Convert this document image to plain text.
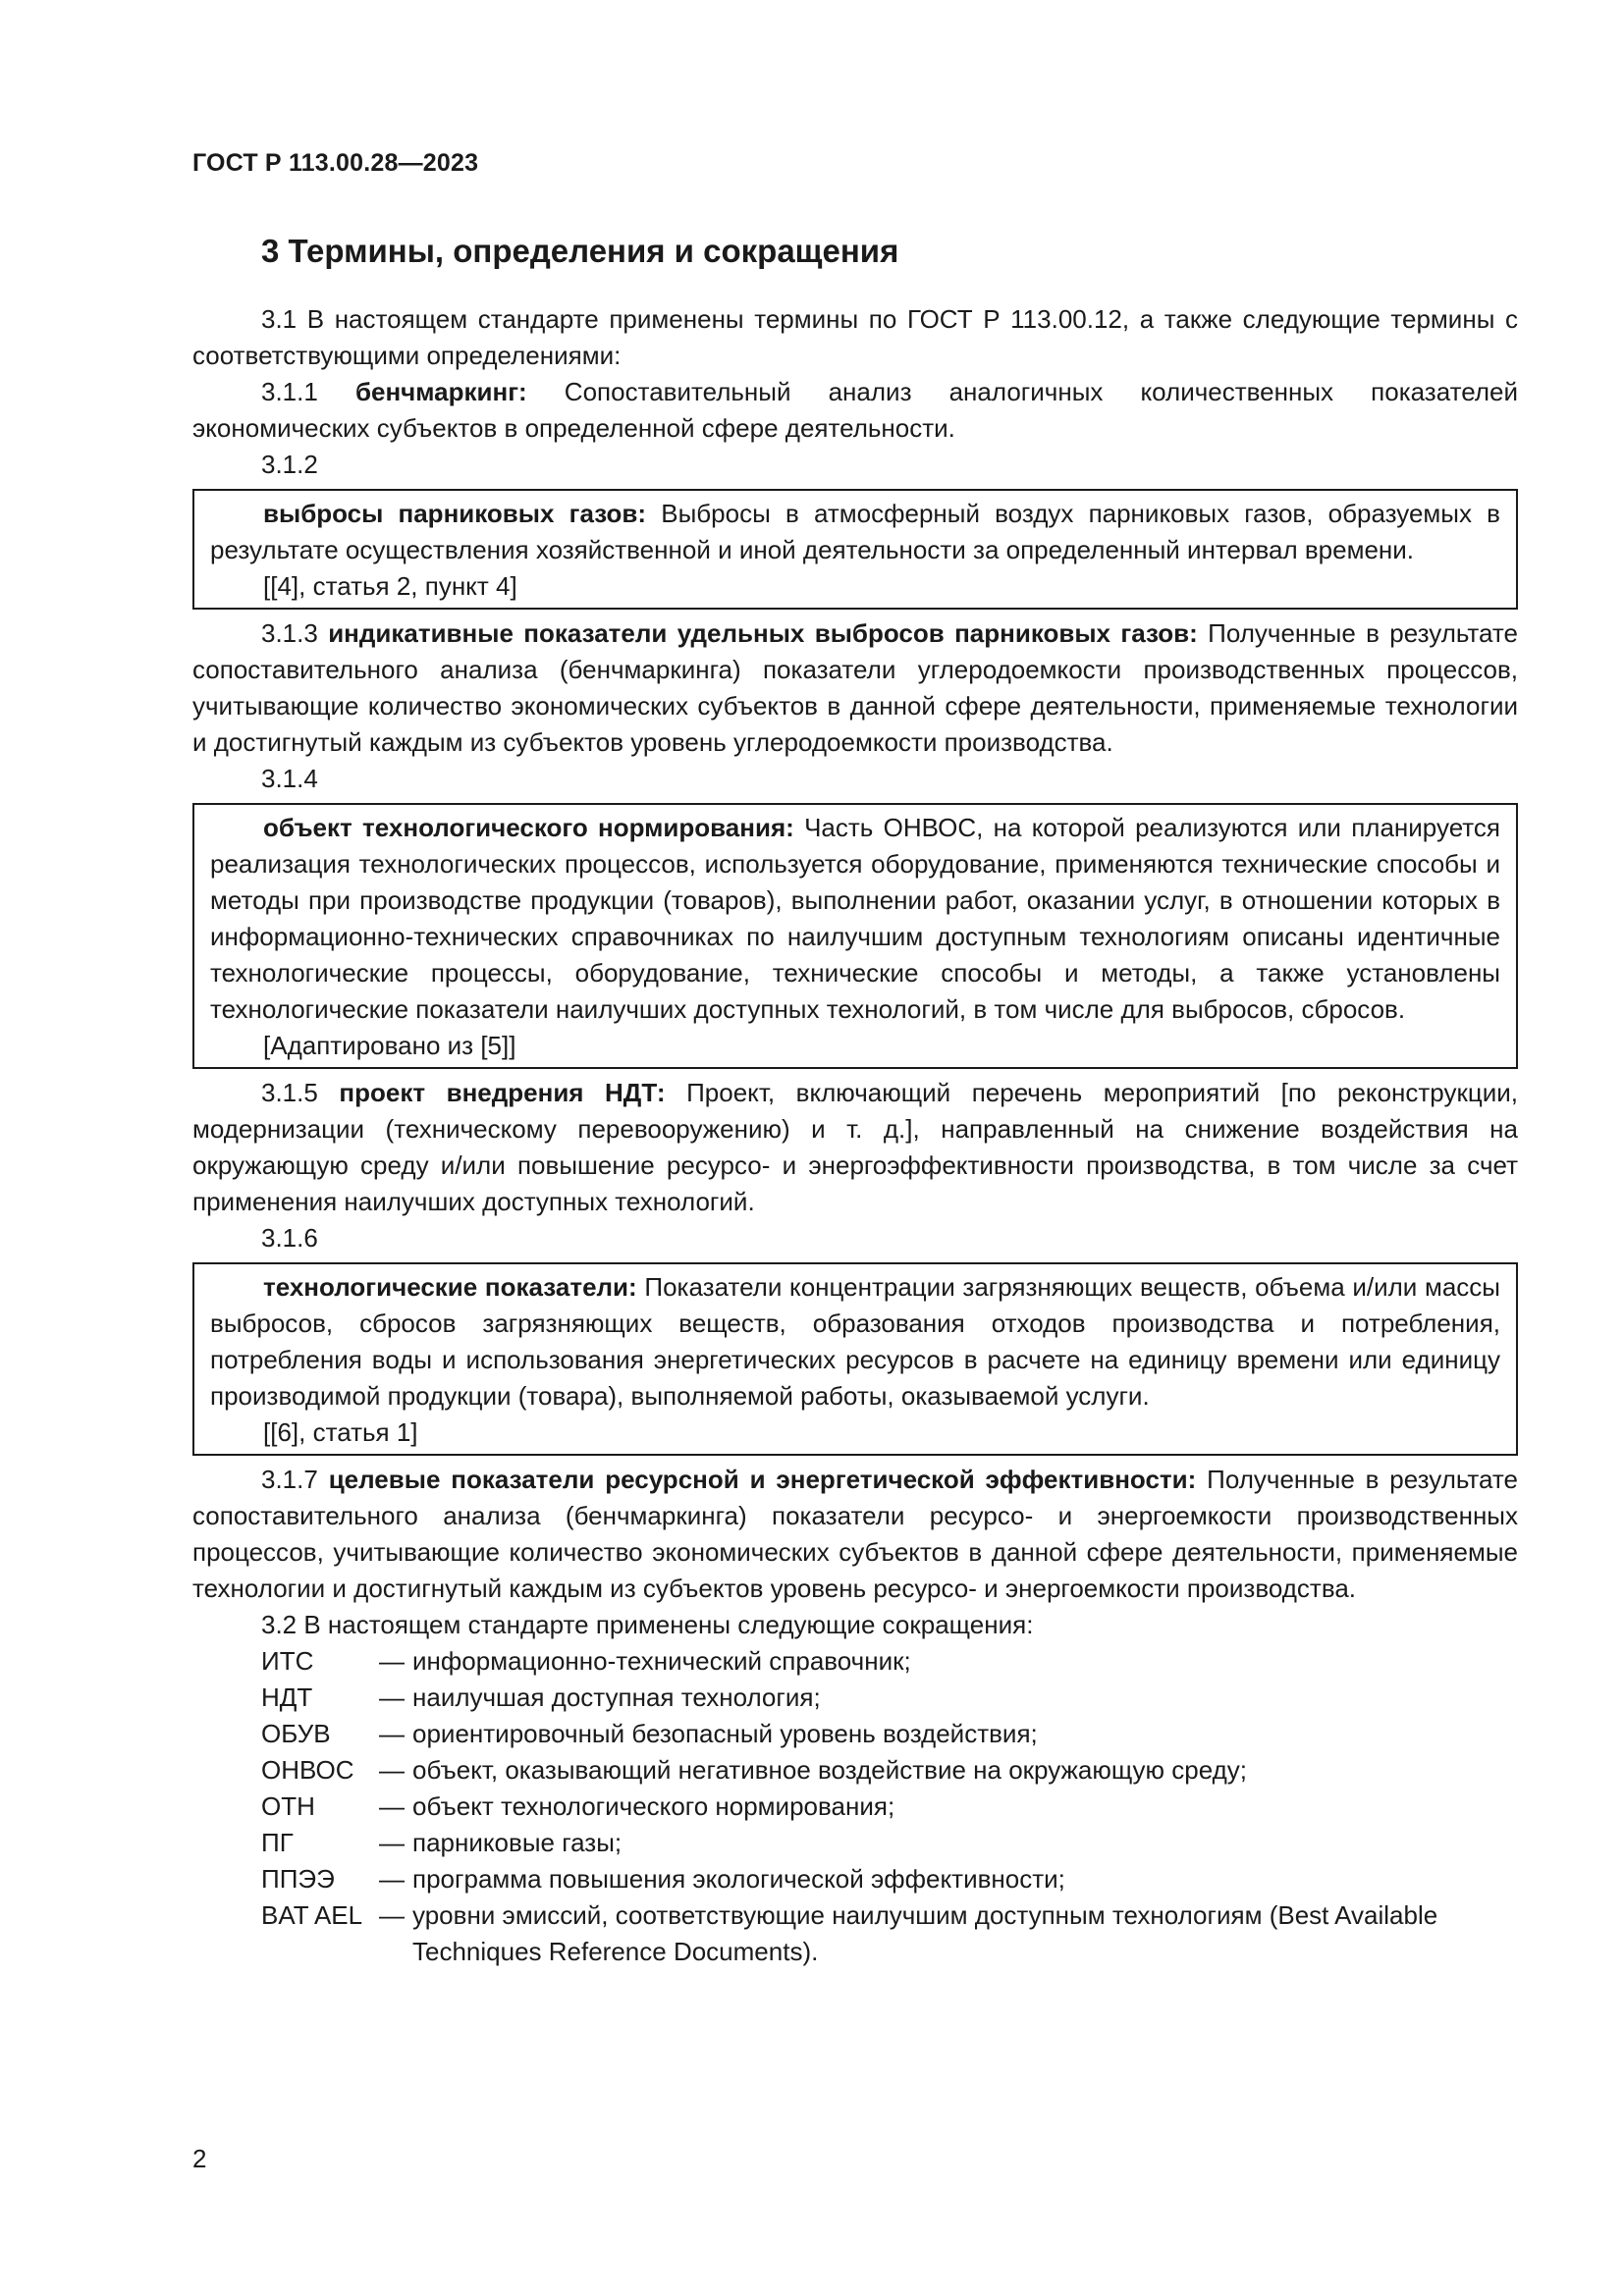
ГОСТ Р 113.00.28—2023
3 Термины, определения и сокращения

3.1 В настоящем стандарте применены термины по ГОСТ Р 113.00.12, а также следующие термины с соответствующими определениями:

3.1.1 бенчмаркинг: Сопоставительный анализ аналогичных количественных показателей экономических субъектов в определенной сфере деятельности.

3.1.2

выбросы парниковых газов: Выбросы в атмосферный воздух парниковых газов, образуемых в результате осуществления хозяйственной и иной деятельности за определенный интервал времени.

[[4], статья 2, пункт 4]

3.1.3 индикативные показатели удельных выбросов парниковых газов: Полученные в результате сопоставительного анализа (бенчмаркинга) показатели углеродоемкости производственных процессов, учитывающие количество экономических субъектов в данной сфере деятельности, применяемые технологии и достигнутый каждым из субъектов уровень углеродоемкости производства.

3.1.4

объект технологического нормирования: Часть ОНВОС, на которой реализуются или планируется реализация технологических процессов, используется оборудование, применяются технические способы и методы при производстве продукции (товаров), выполнении работ, оказании услуг, в отношении которых в информационно-технических справочниках по наилучшим доступным технологиям описаны идентичные технологические процессы, оборудование, технические способы и методы, а также установлены технологические показатели наилучших доступных технологий, в том числе для выбросов, сбросов.

[Адаптировано из [5]]

3.1.5 проект внедрения НДТ: Проект, включающий перечень мероприятий [по реконструкции, модернизации (техническому перевооружению) и т. д.], направленный на снижение воздействия на окружающую среду и/или повышение ресурсо- и энергоэффективности производства, в том числе за счет применения наилучших доступных технологий.

3.1.6

технологические показатели: Показатели концентрации загрязняющих веществ, объема и/или массы выбросов, сбросов загрязняющих веществ, образования отходов производства и потребления, потребления воды и использования энергетических ресурсов в расчете на единицу времени или единицу производимой продукции (товара), выполняемой работы, оказываемой услуги.

[[6], статья 1]

3.1.7 целевые показатели ресурсной и энергетической эффективности: Полученные в результате сопоставительного анализа (бенчмаркинга) показатели ресурсо- и энергоемкости производственных процессов, учитывающие количество экономических субъектов в данной сфере деятельности, применяемые технологии и достигнутый каждым из субъектов уровень ресурсо- и энергоемкости производства.

3.2 В настоящем стандарте применены следующие сокращения:

ИТС	— информационно-технический справочник;
НДТ	— наилучшая доступная технология;
ОБУВ	— ориентировочный безопасный уровень воздействия;
ОНВОС — объект, оказывающий негативное воздействие на окружающую среду;
ОТН	— объект технологического нормирования;
ПГ	— парниковые газы;
ППЭЭ	— программа повышения экологической эффективности;
BAT AEL — уровни эмиссий, соответствующие наилучшим доступным технологиям (Best Available Techniques Reference Documents).
2
